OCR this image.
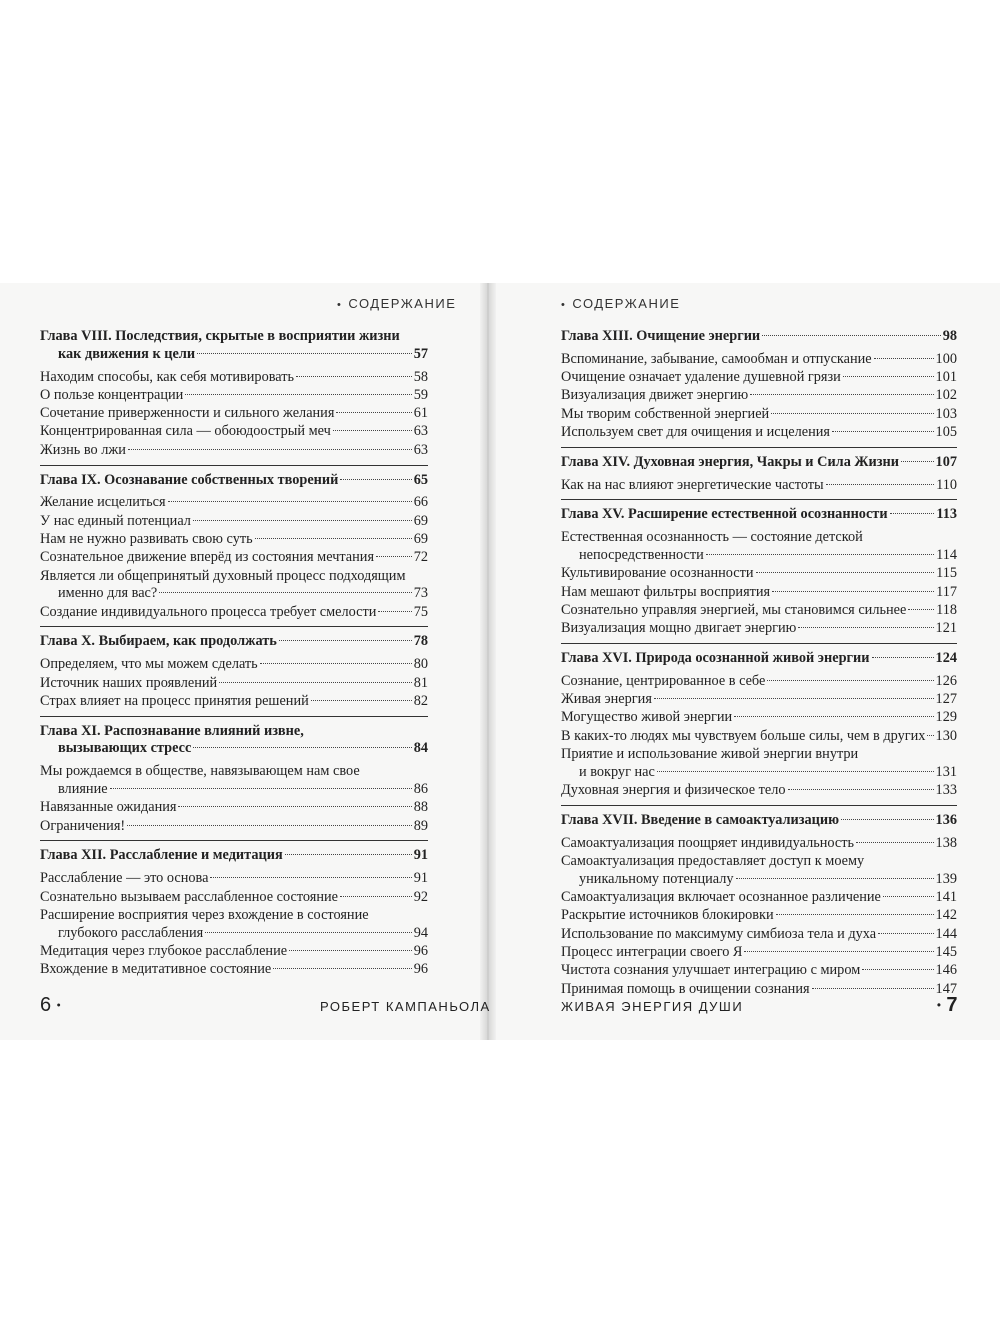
• СОДЕРЖАНИЕ	• СОДЕРЖАНИЕ
Глава VIII. Последствия, скрытые в восприятии жизни
как движения к цели	57
Находим способы, как себя мотивировать	58
О пользе концентрации	59
Сочетание приверженности и сильного желания	61
Концентрированная сила — обоюдоострый меч	63
Жизнь во лжи	63
Глава IX. Осознавание собственных творений	65
Желание исцелиться	66
У нас единый потенциал	69
Нам не нужно развивать свою суть	69
Сознательное движение вперёд из состояния мечтания	72
Является ли общепринятый духовный процесс подходящим
именно для вас?	73
Создание индивидуального процесса требует смелости	75
Глава X. Выбираем, как продолжать	78
Определяем, что мы можем сделать	80
Источник наших проявлений	81
Страх влияет на процесс принятия решений	82
Глава XI. Распознавание влияний извне,
вызывающих стресс	84
Мы рождаемся в обществе, навязывающем нам свое
влияние	86
Навязанные ожидания	88
Ограничения!	89
Глава XII. Расслабление и медитация	91
Расслабление — это основа	91
Сознательно вызываем расслабленное состояние	92
Расширение восприятия через вхождение в состояние
глубокого расслабления	94
Медитация через глубокое расслабление	96
Вхождение в медитативное состояние	96
Глава XIII. Очищение энергии	98
Вспоминание, забывание, самообман и отпускание	100
Очищение означает удаление душевной грязи	101
Визуализация движет энергию	102
Мы творим собственной энергией	103
Используем свет для очищения и исцеления	105
Глава XIV. Духовная энергия, Чакры и Сила Жизни	107
Как на нас влияют энергетические частоты	110
Глава XV. Расширение естественной осознанности	113
Естественная осознанность — состояние детской
непосредственности	114
Культивирование осознанности	115
Нам мешают фильтры восприятия	117
Сознательно управляя энергией, мы становимся сильнее 118
Визуализация мощно двигает энергию	121
Глава XVI. Природа осознанной живой энергии	124
Сознание, центрированное в себе	126
Живая энергия	127
Могущество живой энергии	129
В каких-то людях мы чувствуем больше силы, чем в других 130
Приятие и использование живой энергии внутри
и вокруг нас	131
Духовная энергия и физическое тело	133
Глава XVII. Введение в самоактуализацию	136
Самоактуализация поощряет индивидуальность	138
Самоактуализация предоставляет доступ к моему
уникальному потенциалу	139
Самоактуализация включает осознанное различение	141
Раскрытие источников блокировки	142
Использование по максимуму симбиоза тела и духа	144
Процесс интеграции своего Я	145
Чистота сознания улучшает интеграцию с миром	146
Принимая помощь в очищении сознания	147
6 •	РОБЕРТ КАМПАНЬОЛА	ЖИВАЯ ЭНЕРГИЯ ДУШИ	• 7
